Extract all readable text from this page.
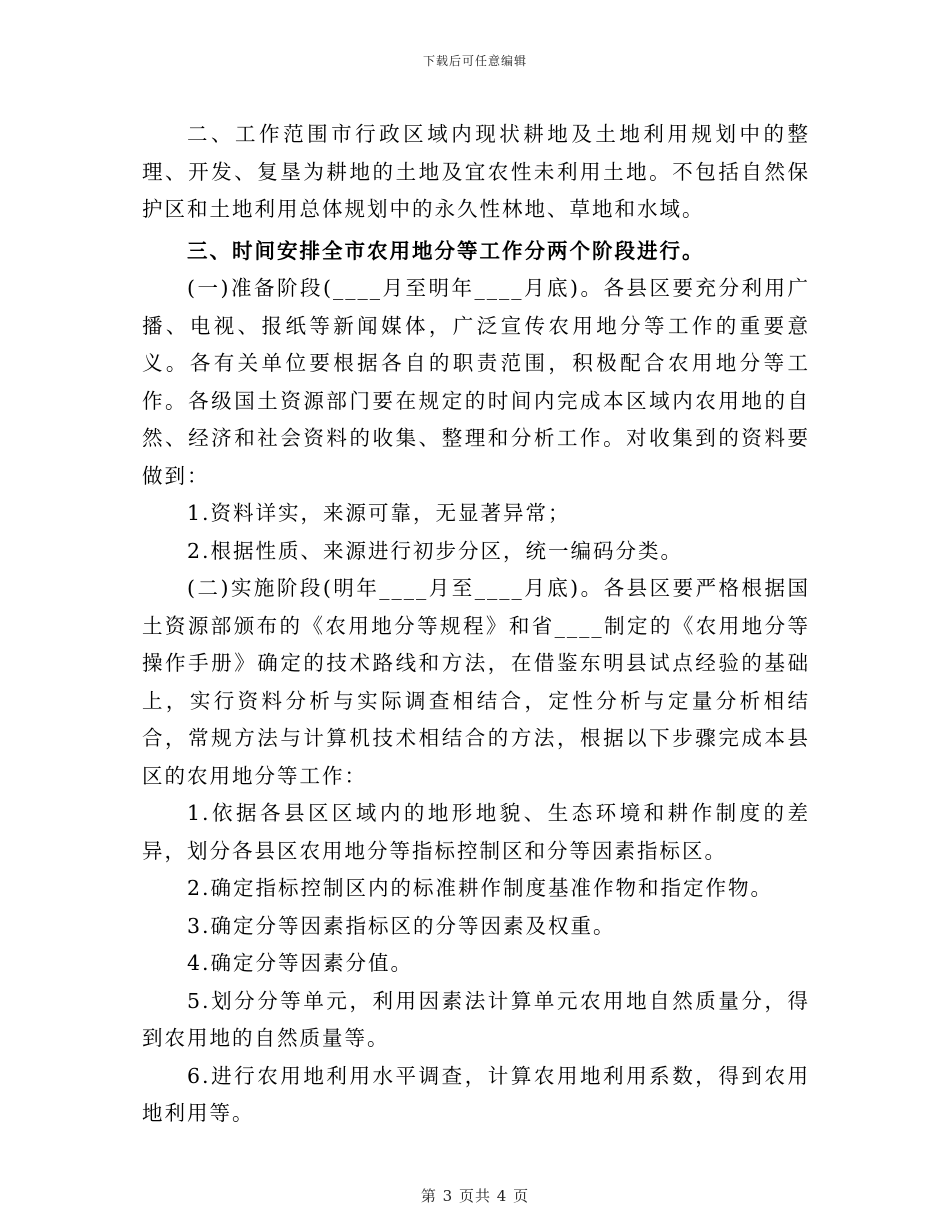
下载后可任意编辑

二、工作范围市行政区域内现状耕地及土地利用规划中的整理、开发、复垦为耕地的土地及宜农性未利用土地。不包括自然保护区和土地利用总体规划中的永久性林地、草地和水域。

三、时间安排全市农用地分等工作分两个阶段进行。

(一)准备阶段(____月至明年____月底)。各县区要充分利用广播、电视、报纸等新闻媒体，广泛宣传农用地分等工作的重要意义。各有关单位要根据各自的职责范围，积极配合农用地分等工作。各级国土资源部门要在规定的时间内完成本区域内农用地的自然、经济和社会资料的收集、整理和分析工作。对收集到的资料要做到：

1.资料详实，来源可靠，无显著异常；

2.根据性质、来源进行初步分区，统一编码分类。

(二)实施阶段(明年____月至____月底)。各县区要严格根据国土资源部颁布的《农用地分等规程》和省____制定的《农用地分等操作手册》确定的技术路线和方法，在借鉴东明县试点经验的基础上，实行资料分析与实际调查相结合，定性分析与定量分析相结合，常规方法与计算机技术相结合的方法，根据以下步骤完成本县区的农用地分等工作：

1.依据各县区区域内的地形地貌、生态环境和耕作制度的差异，划分各县区农用地分等指标控制区和分等因素指标区。

2.确定指标控制区内的标准耕作制度基准作物和指定作物。

3.确定分等因素指标区的分等因素及权重。

4.确定分等因素分值。

5.划分分等单元，利用因素法计算单元农用地自然质量分，得到农用地的自然质量等。

6.进行农用地利用水平调查，计算农用地利用系数，得到农用地利用等。

第 3 页共 4 页
